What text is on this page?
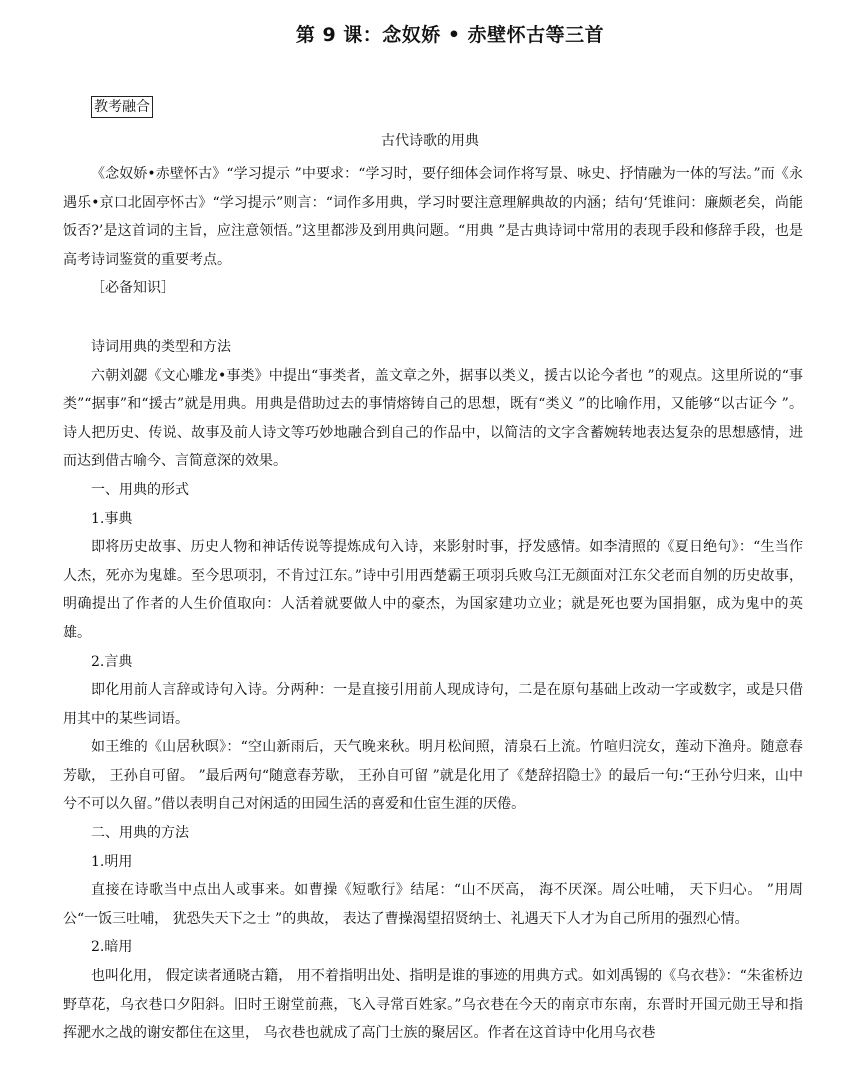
第 9 课：念奴娇 • 赤壁怀古等三首
教考融合
古代诗歌的用典

《念奴娇•赤壁怀古》“学习提示 ”中要求：“学习时，要仔细体会词作将写景、咏史、抒情融为一体的写法。”而《永遇乐•京口北固亭怀古》“学习提示”则言：“词作多用典，学习时要注意理解典故的内涵；结句‘凭谁问：廉颇老矣，尚能饭否?’是这首词的主旨，应注意领悟。”这里都涉及到用典问题。“用典 ”是古典诗词中常用的表现手段和修辞手段，也是高考诗词鉴赏的重要考点。

［必备知识］

诗词用典的类型和方法

六朝刘勰《文心雕龙•事类》中提出“事类者，盖文章之外，据事以类义，援古以论今者也 ”的观点。这里所说的“事类”“据事”和“援古”就是用典。用典是借助过去的事情熔铸自己的思想，既有“类义 ”的比喻作用，又能够“以古证今 ”。诗人把历史、传说、故事及前人诗文等巧妙地融合到自己的作品中，以简洁的文字含蓄婉转地表达复杂的思想感情，进而达到借古喻今、言简意深的效果。

一、用典的形式

1.事典

即将历史故事、历史人物和神话传说等提炼成句入诗，来影射时事，抒发感情。如李清照的《夏日绝句》：“生当作人杰，死亦为鬼雄。至今思项羽，不肯过江东。”诗中引用西楚霸王项羽兵败乌江无颜面对江东父老而自刎的历史故事，明确提出了作者的人生价值取向：人活着就要做人中的豪杰，为国家建功立业；就是死也要为国捐躯，成为鬼中的英雄。

2.言典

即化用前人言辞或诗句入诗。分两种：一是直接引用前人现成诗句，二是在原句基础上改动一字或数字，或是只借用其中的某些词语。

如王维的《山居秋暝》：“空山新雨后，天气晚来秋。明月松间照，清泉石上流。竹喧归浣女，莲动下渔舟。随意春芳歇， 王孙自可留。 ”最后两句“随意春芳歇， 王孙自可留 ”就是化用了《楚辞招隐士》的最后一句:“王孙兮归来，山中兮不可以久留。”借以表明自己对闲适的田园生活的喜爱和仕宦生涯的厌倦。

二、用典的方法

1.明用

直接在诗歌当中点出人或事来。如曹操《短歌行》结尾：“山不厌高， 海不厌深。周公吐哺， 天下归心。 ”用周公“一饭三吐哺， 犹恐失天下之士 ”的典故， 表达了曹操渴望招贤纳士、礼遇天下人才为自己所用的强烈心情。

2.暗用

也叫化用， 假定读者通晓古籍， 用不着指明出处、指明是谁的事迹的用典方式。如刘禹锡的《乌衣巷》：“朱雀桥边野草花，乌衣巷口夕阳斜。旧时王谢堂前燕，飞入寻常百姓家。”乌衣巷在今天的南京市东南，东晋时开国元勋王导和指挥淝水之战的谢安都住在这里， 乌衣巷也就成了高门士族的聚居区。作者在这首诗中化用乌衣巷
